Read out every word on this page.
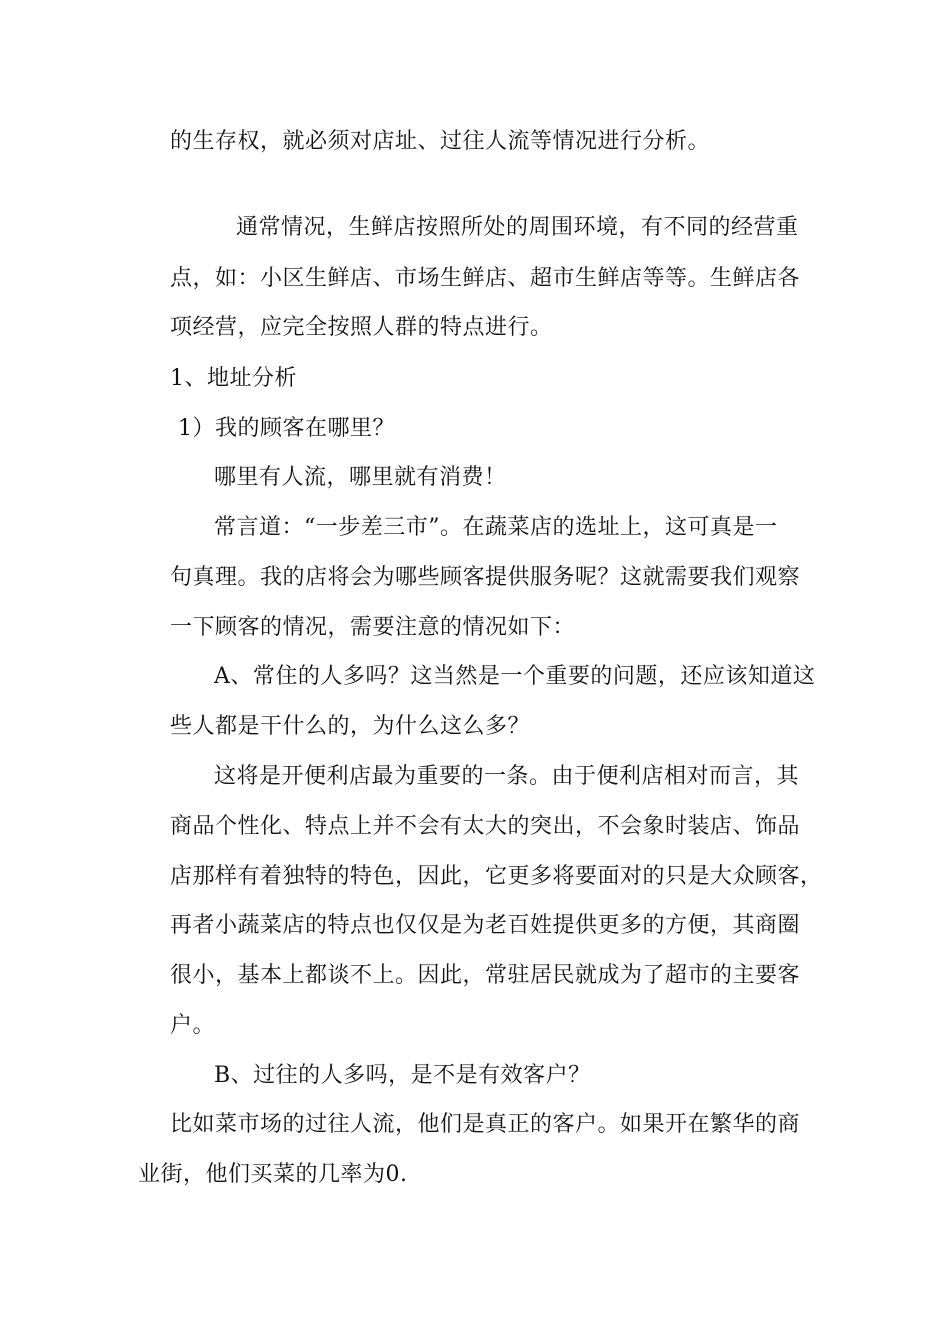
的生存权，就必须对店址、过往人流等情况进行分析。
通常情况，生鲜店按照所处的周围环境，有不同的经营重
点，如：小区生鲜店、市场生鲜店、超市生鲜店等等。生鲜店各
项经营，应完全按照人群的特点进行。
1、地址分析
1）我的顾客在哪里？
哪里有人流，哪里就有消费！
常言道：“一步差三市”。在蔬菜店的选址上，这可真是一
句真理。我的店将会为哪些顾客提供服务呢？这就需要我们观察
一下顾客的情况，需要注意的情况如下：
A、常住的人多吗？这当然是一个重要的问题，还应该知道这
些人都是干什么的，为什么这么多？
这将是开便利店最为重要的一条。由于便利店相对而言，其
商品个性化、特点上并不会有太大的突出，不会象时装店、饰品
店那样有着独特的特色，因此，它更多将要面对的只是大众顾客，
再者小蔬菜店的特点也仅仅是为老百姓提供更多的方便，其商圈
很小，基本上都谈不上。因此，常驻居民就成为了超市的主要客
户。
B、过往的人多吗，是不是有效客户？
比如菜市场的过往人流，他们是真正的客户。如果开在繁华的商
业街，他们买菜的几率为0.
